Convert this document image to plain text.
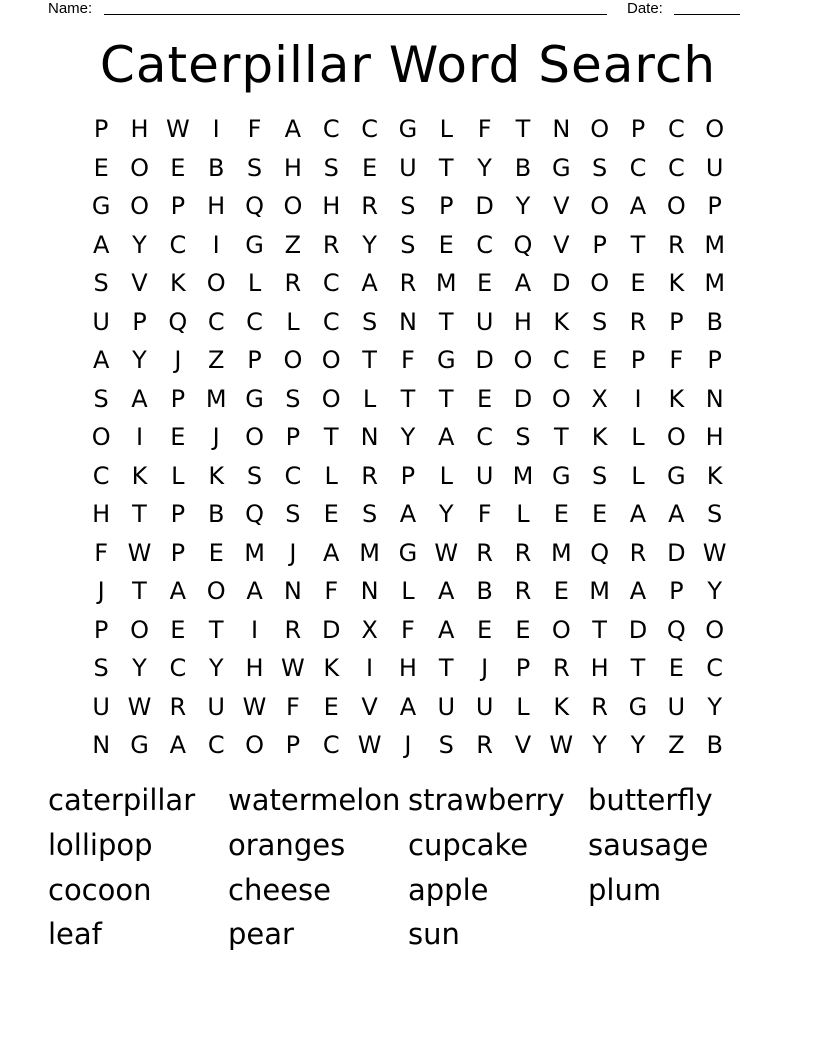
Name:	Date:
Caterpillar Word Search
P H W I	F A C C G L	F	T N O P C O
E O E B S H S E U T Y B G S C C U
G O P H Q O H R S P D Y V O A O P
A Y C	I	G Z R Y S E C Q V P T R M
S V K O L R C A R M E A D O E K M
U P Q C C L C S N T U H K S R P B
A Y	J	Z P O O T	F G D O C E P	F	P
S A P M G S O L	T T E D O X	I	K N
O	I	E	J	O P T N Y A C S T K L O H
C K L K S C L R P	L U M G S	L G K
H T P B Q S E S A Y	F	L	E E A A S
F W P E M	J	A M G W R R M Q R D W
J	T A O A N F N L A B R E M A P Y
P O E T	I	R D X F A E E O T D Q O
S Y C Y H W K	I	H T	J	P R H T E C
U W R U W F E V A U U L K R G U Y
N G A C O P C W J	S R V W Y Y Z B
caterpillar	watermelon strawberry butterfly
lollipop	oranges	cupcake	sausage
cocoon	cheese	apple	plum
leaf	pear	sun
